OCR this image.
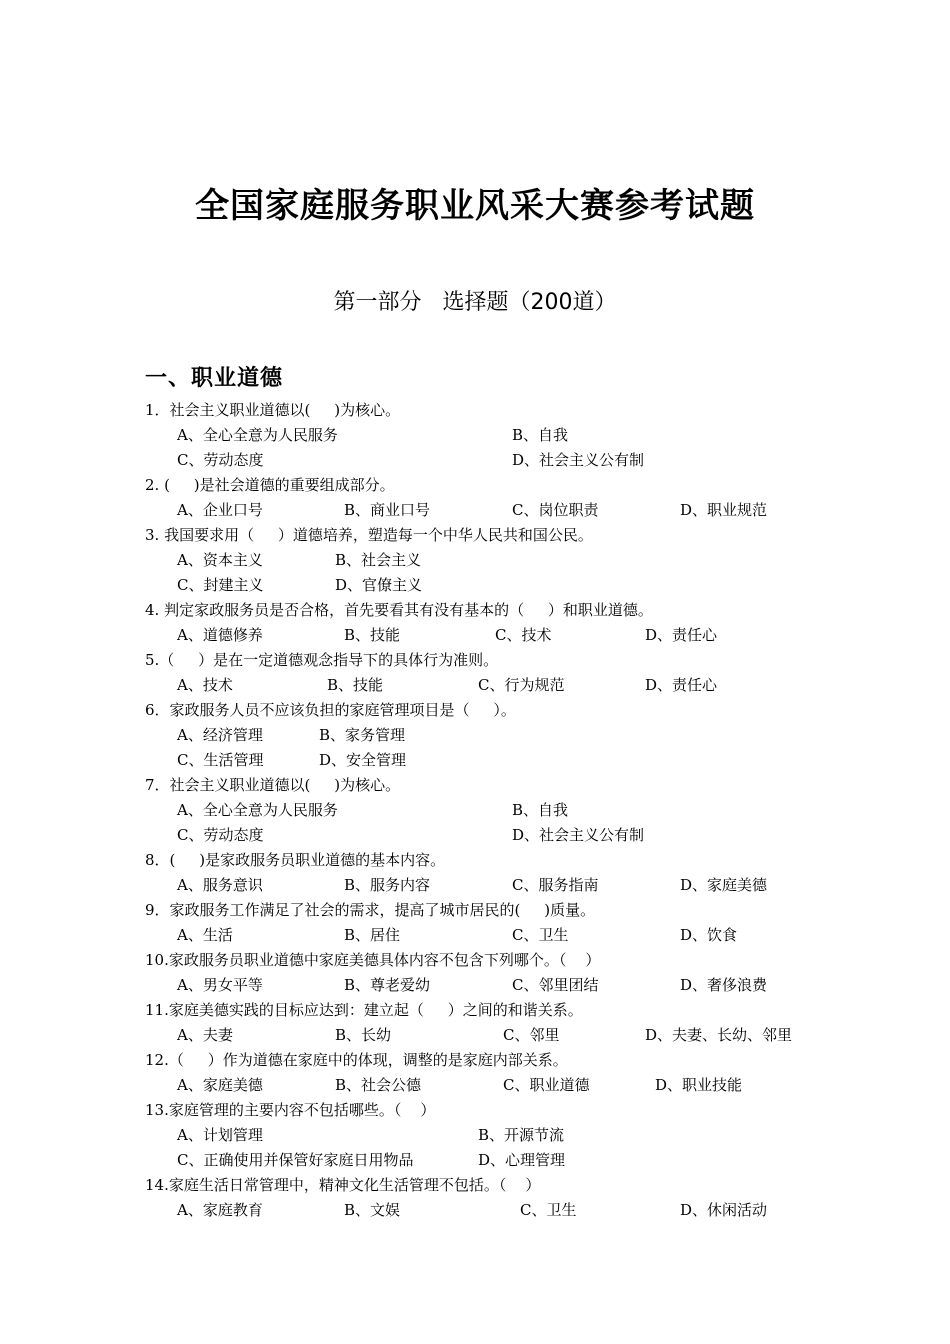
全国家庭服务职业风采大赛参考试题
第一部分   选择题（200道）
一、职业道德
1．社会主义职业道德以(     )为核心。
A、全心全意为人民服务	B、自我
C、劳动态度	D、社会主义公有制
2. (     )是社会道德的重要组成部分。
A、企业口号	B、商业口号	C、岗位职责	D、职业规范
3. 我国要求用（     ）道德培养，塑造每一个中华人民共和国公民。
A、资本主义	B、社会主义
C、封建主义	D、官僚主义
4. 判定家政服务员是否合格，首先要看其有没有基本的（     ）和职业道德。
A、道德修养	B、技能	C、技术	D、责任心
5.（     ）是在一定道德观念指导下的具体行为准则。
A、技术	B、技能	C、行为规范	D、责任心
6．家政服务人员不应该负担的家庭管理项目是（     ）。
A、经济管理	B、家务管理
C、生活管理	D、安全管理
7．社会主义职业道德以(     )为核心。
A、全心全意为人民服务	B、自我
C、劳动态度	D、社会主义公有制
8．(     )是家政服务员职业道德的基本内容。
A、服务意识	B、服务内容	C、服务指南	D、家庭美德
9．家政服务工作满足了社会的需求，提高了城市居民的(     )质量。
A、生活	B、居住	C、卫生	D、饮食
10.家政服务员职业道德中家庭美德具体内容不包含下列哪个。（    ）
A、男女平等	B、尊老爱幼	C、邻里团结	D、奢侈浪费
11.家庭美德实践的目标应达到：建立起（     ）之间的和谐关系。
A、夫妻	B、长幼	C、邻里	D、夫妻、长幼、邻里
12.（     ）作为道德在家庭中的体现，调整的是家庭内部关系。
A、家庭美德	B、社会公德	C、职业道德	D、职业技能
13.家庭管理的主要内容不包括哪些。（    ）
A、计划管理	B、开源节流
C、正确使用并保管好家庭日用物品	D、心理管理
14.家庭生活日常管理中，精神文化生活管理不包括。（    ）
A、家庭教育	B、文娱	C、卫生	D、休闲活动
